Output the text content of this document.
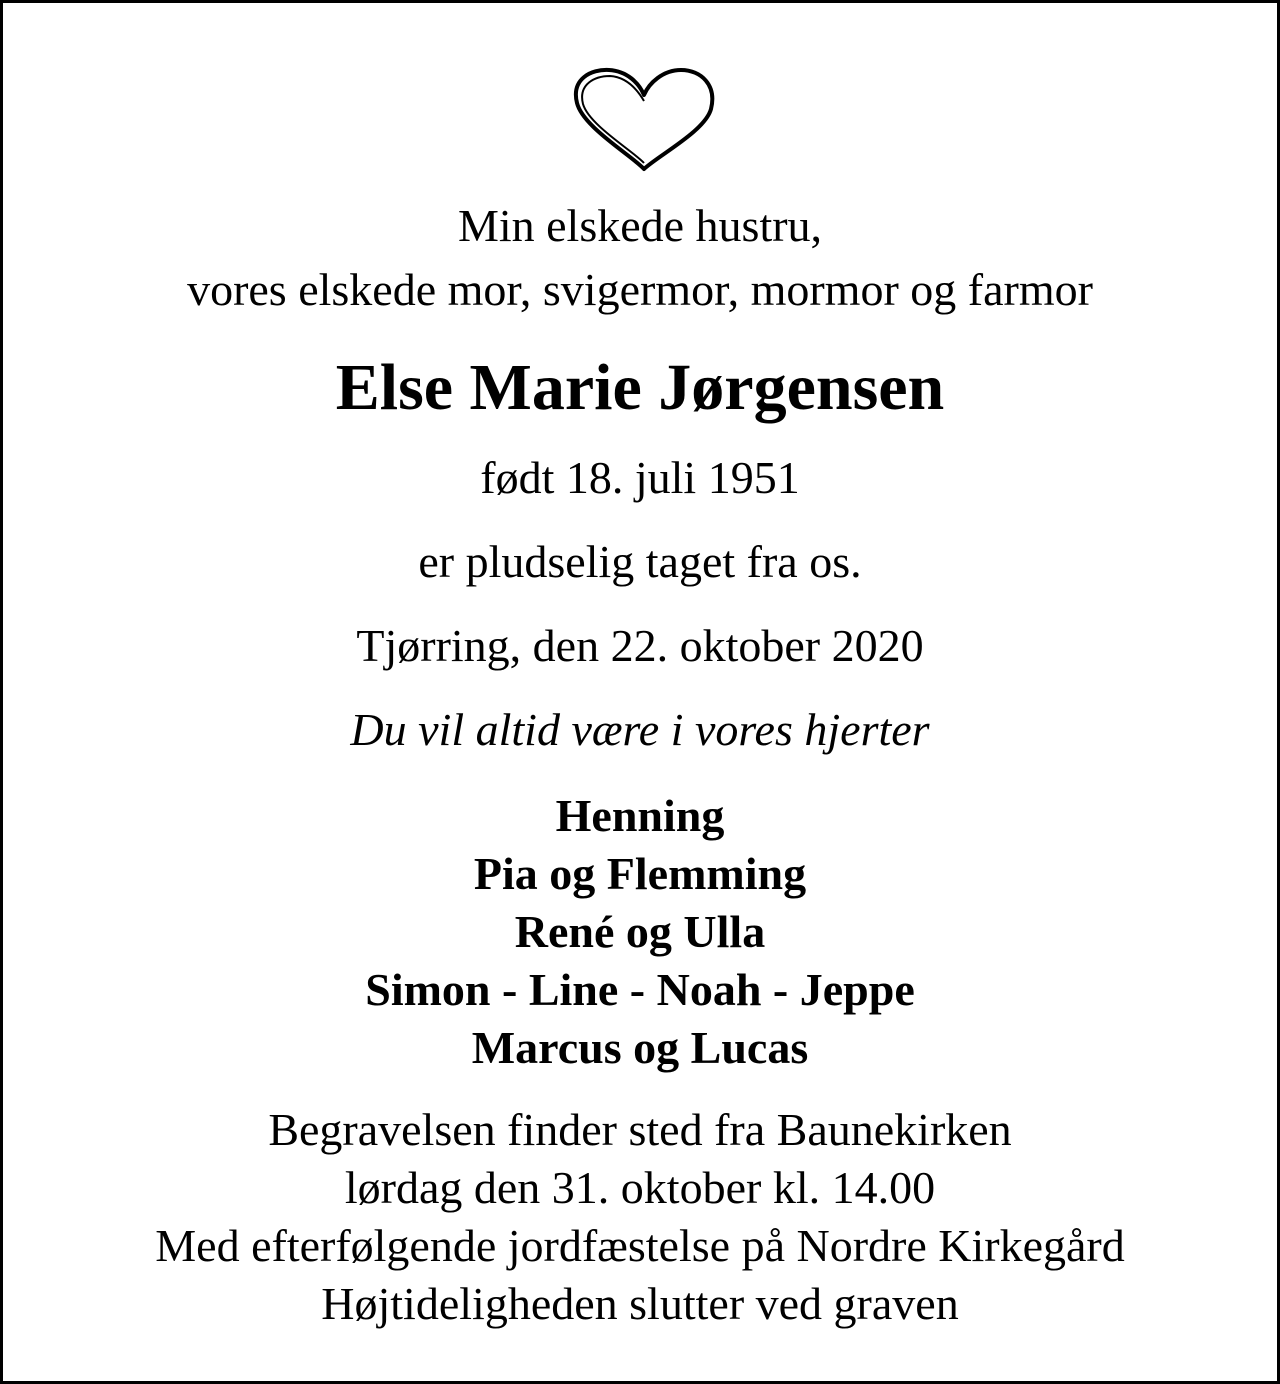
Min elskede hustru,
vores elskede mor, svigermor, mormor og farmor
Else Marie Jørgensen
født 18. juli 1951
er pludselig taget fra os.
Tjørring, den 22. oktober 2020
Du vil altid være i vores hjerter
Henning
Pia og Flemming
René og Ulla
Simon - Line - Noah - Jeppe
Marcus og Lucas
Begravelsen finder sted fra Baunekirken
lørdag den 31. oktober kl. 14.00
Med efterfølgende jordfæstelse på Nordre Kirkegård
Højtideligheden slutter ved graven
